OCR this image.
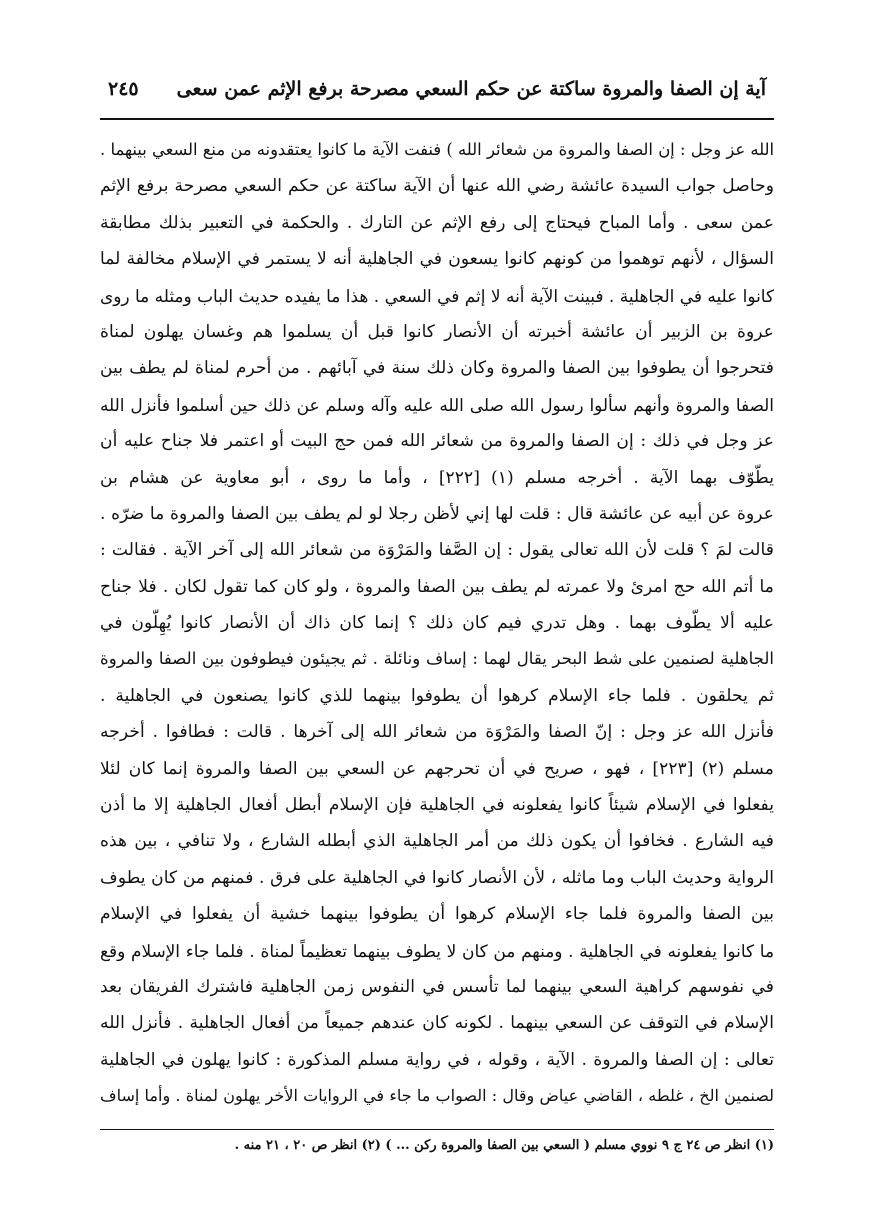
آية إن الصفا والمروة ساكتة عن حكم السعي مصرحة برفع الإثم عمن سعى
٢٤٥
الله عز وجل : إن الصفا والمروة من شعائر الله ) فنفت الآية ما كانوا يعتقدونه من منع السعي بينهما .
وحاصل جواب السيدة عائشة رضي الله عنها أن الآية ساكتة عن حكم السعي مصرحة برفع الإثم
عمن سعى . وأما المباح فيحتاج إلى رفع الإثم عن التارك . والحكمة في التعبير بذلك مطابقة
السؤال ، لأنهم توهموا من كونهم كانوا يسعون في الجاهلية أنه لا يستمر في الإسلام مخالفة لما
كانوا عليه في الجاهلية . فبينت الآية أنه لا إثم في السعي . هذا ما يفيده حديث الباب ومثله ما روى
عروة بن الزبير أن عائشة أخبرته أن الأنصار كانوا قبل أن يسلموا هم وغسان يهلون لمناة
فتحرجوا أن يطوفوا بين الصفا والمروة وكان ذلك سنة في آبائهم . من أحرم لمناة لم يطف بين
الصفا والمروة وأنهم سألوا رسول الله صلى الله عليه وآله وسلم عن ذلك حين أسلموا فأنزل الله
عز وجل في ذلك : إن الصفا والمروة من شعائر الله فمن حج البيت أو اعتمر فلا جناح عليه أن
يطّوّف بهما الآية . أخرجه مسلم (١) [٢٢٢] ، وأما ما روى ، أبو معاوية عن هشام بن
عروة عن أبيه عن عائشة قال : قلت لها إني لأظن رجلا لو لم يطف بين الصفا والمروة ما ضرّه .
قالت لمَ ؟ قلت لأن الله تعالى يقول : إن الصَّفا والمَرْوَة من شعائر الله إلى آخر الآية . فقالت :
ما أتم الله حج امرئ ولا عمرته لم يطف بين الصفا والمروة ، ولو كان كما تقول لكان . فلا جناح
عليه ألا يطّوف بهما . وهل تدري فيم كان ذلك ؟ إنما كان ذاك أن الأنصار كانوا يُهِلّون في
الجاهلية لصنمين على شط البحر يقال لهما : إساف ونائلة . ثم يجيئون فيطوفون بين الصفا والمروة
ثم يحلقون . فلما جاء الإسلام كرهوا أن يطوفوا بينهما للذي كانوا يصنعون في الجاهلية .
فأنزل الله عز وجل : إنّ الصفا والمَرْوَة من شعائر الله إلى آخرها . قالت : فطافوا . أخرجه
مسلم (٢) [٢٢٣] ، فهو ، صريح في أن تحرجهم عن السعي بين الصفا والمروة إنما كان لئلا
يفعلوا في الإسلام شيئاً كانوا يفعلونه في الجاهلية فإن الإسلام أبطل أفعال الجاهلية إلا ما أذن
فيه الشارع . فخافوا أن يكون ذلك من أمر الجاهلية الذي أبطله الشارع ، ولا تنافي ، بين هذه
الرواية وحديث الباب وما ماثله ، لأن الأنصار كانوا في الجاهلية على فرق . فمنهم من كان يطوف
بين الصفا والمروة فلما جاء الإسلام كرهوا أن يطوفوا بينهما خشية أن يفعلوا في الإسلام
ما كانوا يفعلونه في الجاهلية . ومنهم من كان لا يطوف بينهما تعظيماً لمناة . فلما جاء الإسلام وقع
في نفوسهم كراهية السعي بينهما لما تأسس في النفوس زمن الجاهلية فاشترك الفريقان بعد
الإسلام في التوقف عن السعي بينهما . لكونه كان عندهم جميعاً من أفعال الجاهلية . فأنزل الله
تعالى : إن الصفا والمروة . الآية ، وقوله ، في رواية مسلم المذكورة : كانوا يهلون في الجاهلية
لصنمين الخ ، غلطه ، القاضي عياض وقال : الصواب ما جاء في الروايات الأخر يهلون لمناة . وأما إساف
(١) انظر ص ٢٤ ج ٩ نووي مسلم ( السعي بين الصفا والمروة ركن ... ) (٢) انظر ص ٢٠ ، ٢١ منه .
